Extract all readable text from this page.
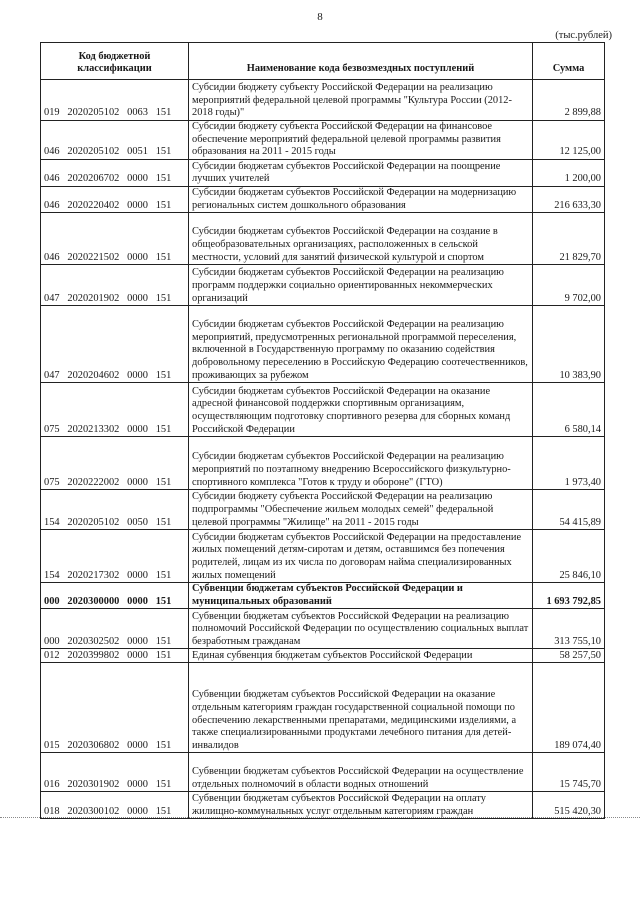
8
(тыс.рублей)
Код бюджетной классификации	Наименование кода безвозмездных поступлений	Сумма
019   2020205102   0063   151	Субсидии бюджету субъекту Российской Федерации на реализацию мероприятий федеральной целевой программы "Культура России (2012-2018 годы)"	2 899,88
046   2020205102   0051   151	Субсидии бюджету субъекта Российской Федерации на финансовое обеспечение мероприятий федеральной целевой программы развития образования на 2011 - 2015 годы	12 125,00
046   2020206702   0000   151	Субсидии бюджетам субъектов Российской Федерации на поощрение лучших учителей	1 200,00
046   2020220402   0000   151	Субсидии бюджетам субъектов Российской Федерации на модернизацию региональных систем дошкольного образования	216 633,30
046   2020221502   0000   151	Субсидии бюджетам субъектов Российской Федерации на создание в общеобразовательных организациях, расположенных в сельской местности, условий для занятий физической культурой и спортом	21 829,70
047   2020201902   0000   151	Субсидии бюджетам субъектов Российской Федерации на реализацию программ поддержки социально ориентированных некоммерческих организаций	9 702,00
047   2020204602   0000   151	Субсидии бюджетам субъектов Российской Федерации на реализацию мероприятий, предусмотренных региональной программой переселения, включенной в Государственную программу по оказанию содействия добровольному переселению в Российскую Федерацию соотечественников, проживающих за рубежом	10 383,90
075   2020213302   0000   151	Субсидии бюджетам субъектов Российской Федерации на оказание адресной финансовой поддержки спортивным организациям, осуществляющим подготовку спортивного резерва для сборных команд Российской Федерации	6 580,14
075   2020222002   0000   151	Субсидии бюджетам субъектов Российской Федерации на реализацию мероприятий по поэтапному внедрению Всероссийского физкультурно-спортивного комплекса "Готов к труду и обороне" (ГТО)	1 973,40
154   2020205102   0050   151	Субсидии бюджету субъекта Российской Федерации на реализацию подпрограммы "Обеспечение жильем молодых семей" федеральной целевой программы "Жилище" на 2011 - 2015 годы	54 415,89
154   2020217302   0000   151	Субсидии бюджетам субъектов Российской Федерации на предоставление жилых помещений детям-сиротам и детям, оставшимся без попечения родителей, лицам из их числа по договорам найма специализированных жилых помещений	25 846,10
000   2020300000   0000   151	Субвенции бюджетам субъектов Российской Федерации и муниципальных образований	1 693 792,85
000   2020302502   0000   151	Субвенции бюджетам субъектов Российской Федерации на реализацию полномочий Российской Федерации по осуществлению социальных выплат безработным гражданам	313 755,10
012   2020399802   0000   151	Единая субвенция бюджетам субъектов Российской Федерации	58 257,50
015   2020306802   0000   151	Субвенции бюджетам субъектов Российской Федерации на оказание отдельным категориям граждан государственной социальной помощи по обеспечению лекарственными препаратами, медицинскими изделиями, а также специализированными продуктами лечебного питания для детей-инвалидов	189 074,40
016   2020301902   0000   151	Субвенции бюджетам субъектов Российской Федерации на осуществление отдельных полномочий в области водных отношений	15 745,70
018   2020300102   0000   151	Субвенции бюджетам субъектов Российской Федерации на оплату жилищно-коммунальных услуг отдельным категориям граждан	515 420,30
